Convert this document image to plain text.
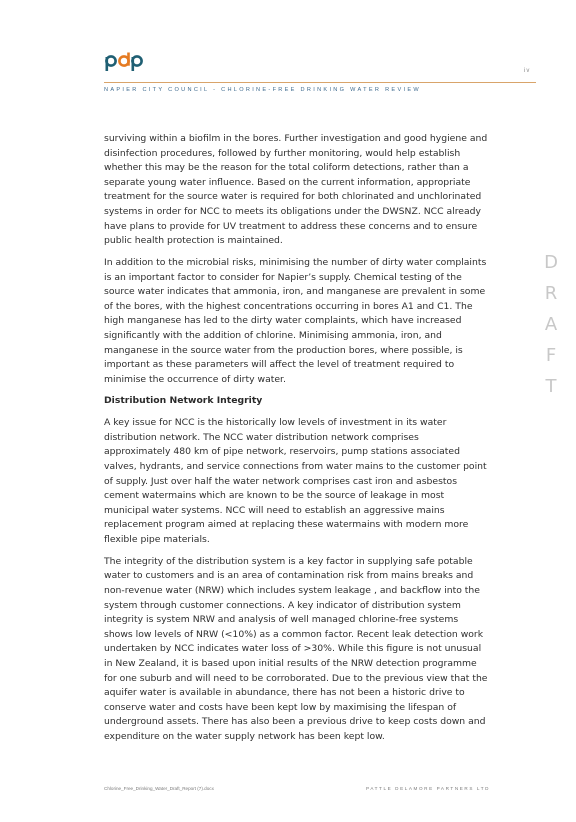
iv
NAPIER CITY COUNCIL - CHLORINE-FREE DRINKING WATER REVIEW
D
R
A
F
T

surviving within a biofilm in the bores. Further investigation and good hygiene and disinfection procedures, followed by further monitoring, would help establish whether this may be the reason for the total coliform detections, rather than a separate young water influence. Based on the current information, appropriate treatment for the source water is required for both chlorinated and unchlorinated systems in order for NCC to meets its obligations under the DWSNZ. NCC already have plans to provide for UV treatment to address these concerns and to ensure public health protection is maintained.

In addition to the microbial risks, minimising the number of dirty water complaints is an important factor to consider for Napier’s supply. Chemical testing of the source water indicates that ammonia, iron, and manganese are prevalent in some of the bores, with the highest concentrations occurring in bores A1 and C1. The high manganese has led to the dirty water complaints, which have increased significantly with the addition of chlorine. Minimising ammonia, iron, and manganese in the source water from the production bores, where possible, is important as these parameters will affect the level of treatment required to minimise the occurrence of dirty water.

Distribution Network Integrity

A key issue for NCC is the historically low levels of investment in its water distribution network. The NCC water distribution network comprises approximately 480 km of pipe network, reservoirs, pump stations associated valves, hydrants, and service connections from water mains to the customer point of supply. Just over half the water network comprises cast iron and asbestos cement watermains which are known to be the source of leakage in most municipal water systems. NCC will need to establish an aggressive mains replacement program aimed at replacing these watermains with modern more flexible pipe materials.

The integrity of the distribution system is a key factor in supplying safe potable water to customers and is an area of contamination risk from mains breaks and non-revenue water (NRW) which includes system leakage , and backflow into the system through customer connections. A key indicator of distribution system integrity is system NRW and analysis of well managed chlorine-free systems shows low levels of NRW (<10%) as a common factor. Recent leak detection work undertaken by NCC indicates water loss of >30%. While this figure is not unusual in New Zealand, it is based upon initial results of the NRW detection programme for one suburb and will need to be corroborated. Due to the previous view that the aquifer water is available in abundance, there has not been a historic drive to conserve water and costs have been kept low by maximising the lifespan of underground assets. There has also been a previous drive to keep costs down and expenditure on the water supply network has been kept low.

Chlorine_Free_Drinking_Water_Draft_Report (7).docx	PATTLE DELAMORE PARTNERS LTD
